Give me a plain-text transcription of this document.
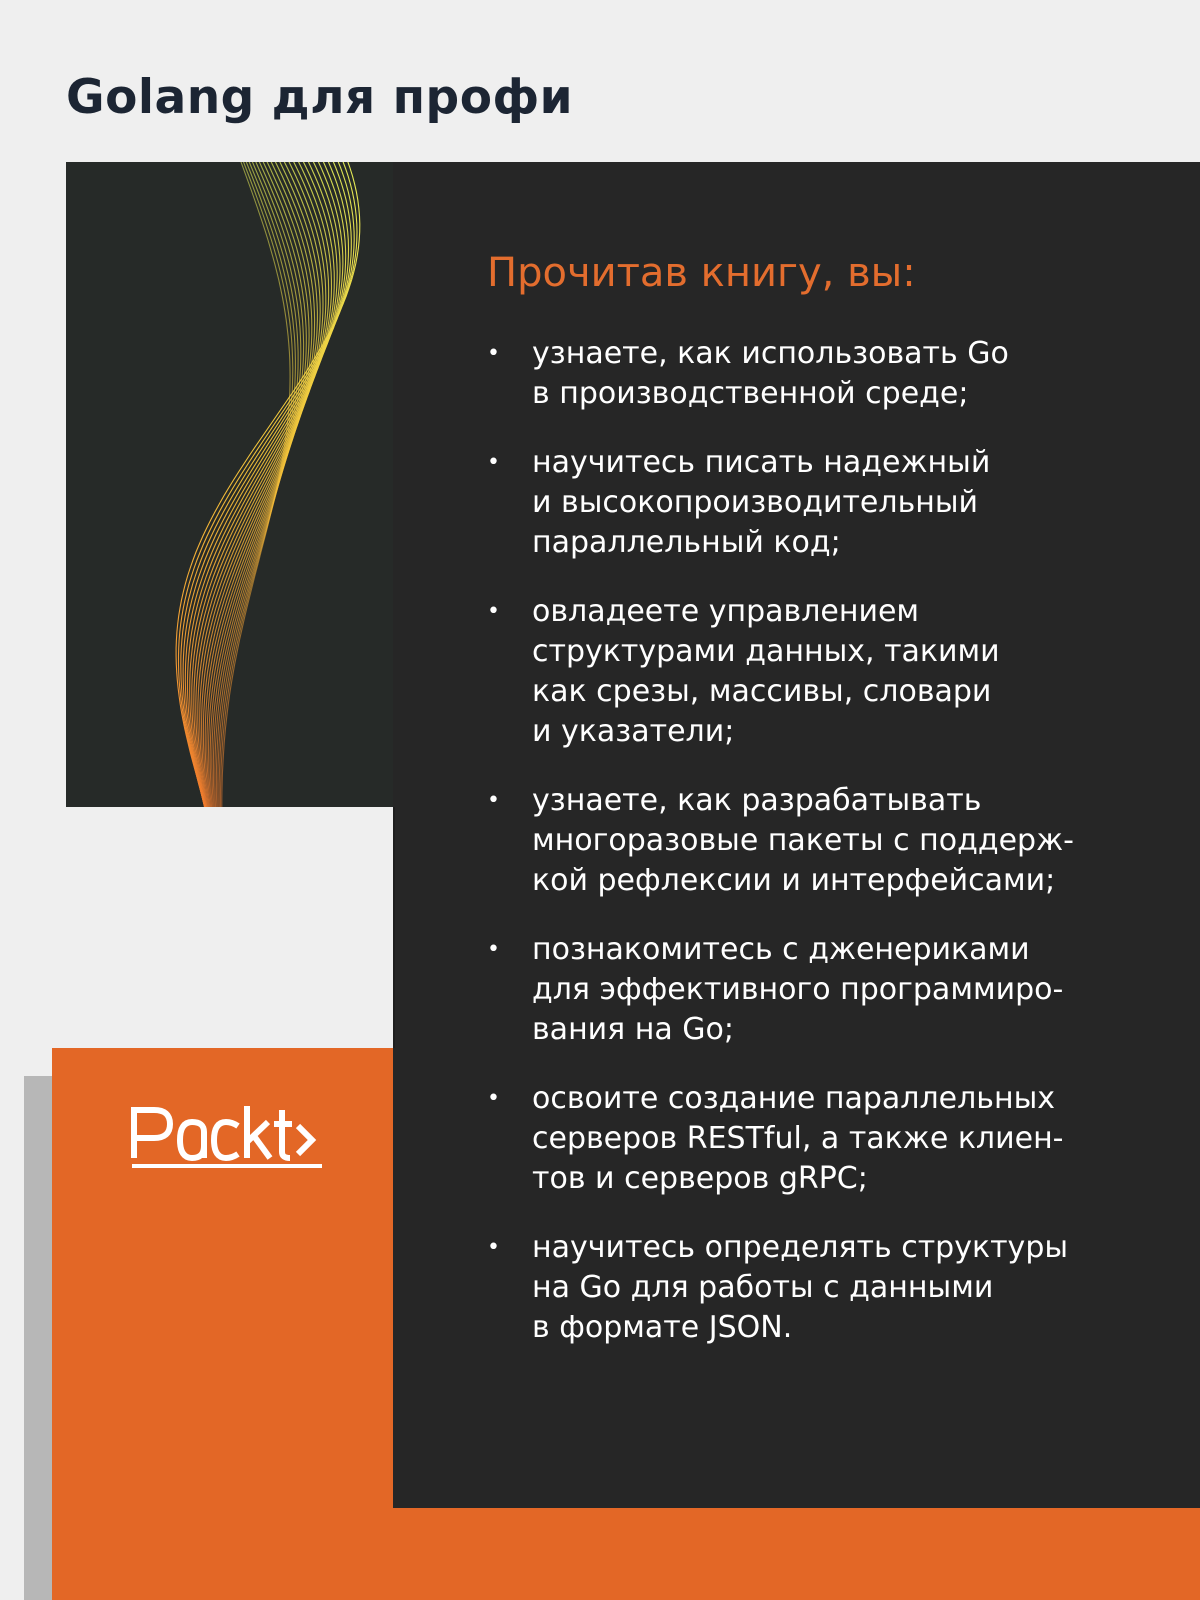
Golang для профи
Прочитав книгу, вы:
• узнаете, как использовать Go
в производственной среде;
• научитесь писать надежный
и высокопроизводительный
параллельный код;
• овладеете управлением
структурами данных, такими
как срезы, массивы, словари
и указатели;
• узнаете, как разрабатывать
многоразовые пакеты с поддерж-
кой рефлексии и интерфейсами;
• познакомитесь с дженериками
для эффективного программиро-
вания на Go;
• освоите создание параллельных
серверов RESTful, а также клиен-
тов и серверов gRPC;
• научитесь определять структуры
на Go для работы с данными
в формате JSON.
